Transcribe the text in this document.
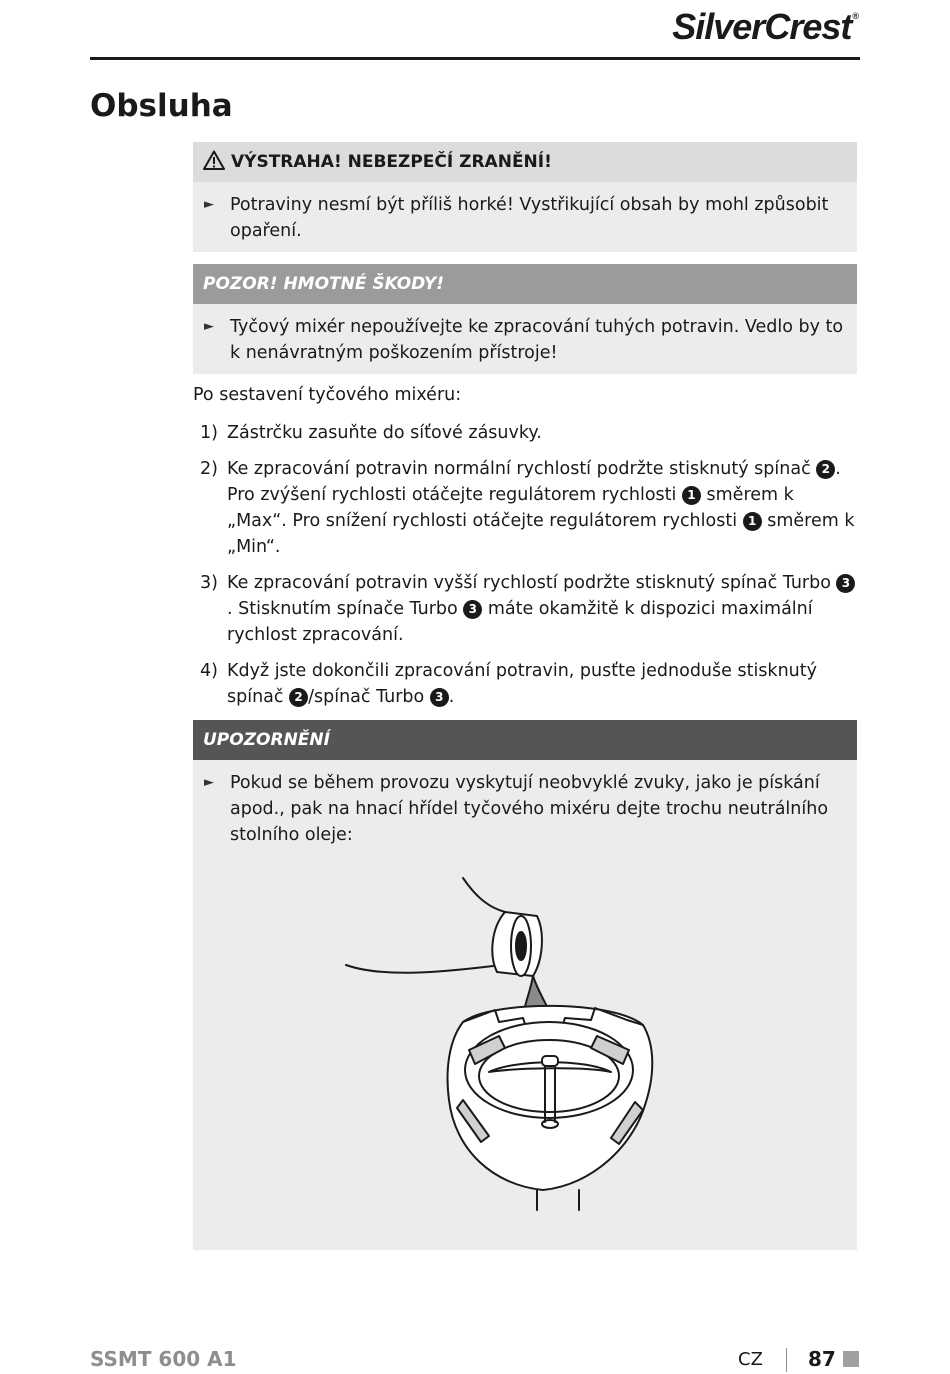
SilverCrest®
Obsluha
VÝSTRAHA! NEBEZPEČÍ ZRANĚNÍ!
► Potraviny nesmí být příliš horké! Vystřikující obsah by mohl způsobit opaření.
POZOR! HMOTNÉ ŠKODY!
► Tyčový mixér nepoužívejte ke zpracování tuhých potravin. Vedlo by to k nenávratným poškozením přístroje!

Po sestavení tyčového mixéru:

1) Zástrčku zasuňte do síťové zásuvky.
2) Ke zpracování potravin normální rychlostí podržte stisknutý spínač 2 . Pro zvýšení rychlosti otáčejte regulátorem rychlosti 1 směrem k „Max“. Pro snížení rychlosti otáčejte regulátorem rychlosti 1 směrem k „Min“.
3) Ke zpracování potravin vyšší rychlostí podržte stisknutý spínač Turbo 3. Stisknutím spínače Turbo 3 máte okamžitě k dispozici maximální rychlost zpracování.
4) Když jste dokončili zpracování potravin, pusťte jednoduše stisknutý spínač 2 /spínač Turbo 3 .
UPOZORNĚNÍ
► Pokud se během provozu vyskytují neobvyklé zvuky, jako je pískání apod., pak na hnací hřídel tyčového mixéru dejte trochu neutrálního stolního oleje:
SSMT 600 A1	CZ 87
